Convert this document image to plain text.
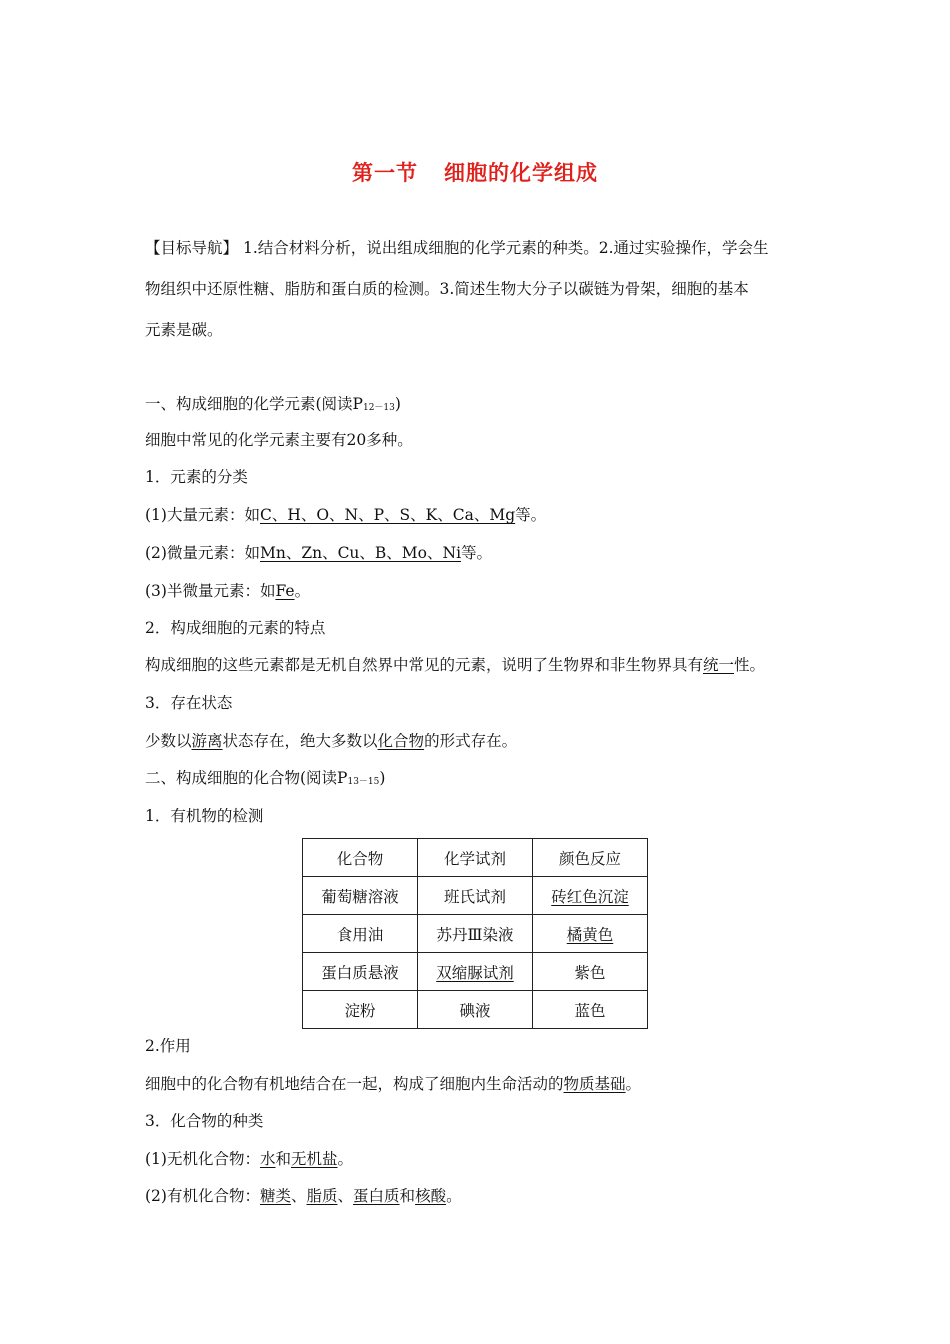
第一节 细胞的化学组成
【目标导航】 1.结合材料分析，说出组成细胞的化学元素的种类。2.通过实验操作，学会生
物组织中还原性糖、脂肪和蛋白质的检测。3.简述生物大分子以碳链为骨架，细胞的基本
元素是碳。
一、构成细胞的化学元素(阅读$P_{12-13}$)
细胞中常见的化学元素主要有20多种。
1．元素的分类
(1)大量元素：如C、H、O、N、P、S、K、Ca、Mg等。
(2)微量元素：如Mn、Zn、Cu、B、Mo、Ni等。
(3)半微量元素：如Fe。
2．构成细胞的元素的特点
构成细胞的这些元素都是无机自然界中常见的元素，说明了生物界和非生物界具有统一性。
3．存在状态
少数以游离状态存在，绝大多数以化合物的形式存在。
二、构成细胞的化合物(阅读$P_{13-15}$)
1．有机物的检测
化合物	化学试剂	颜色反应
葡萄糖溶液	班氏试剂	砖红色沉淀
食用油	苏丹Ⅲ染液	橘黄色
蛋白质悬液	双缩脲试剂	紫色
淀粉	碘液	蓝色
2.作用
细胞中的化合物有机地结合在一起，构成了细胞内生命活动的物质基础。
3．化合物的种类
(1)无机化合物：水和无机盐。
(2)有机化合物：糖类、脂质、蛋白质和核酸。
